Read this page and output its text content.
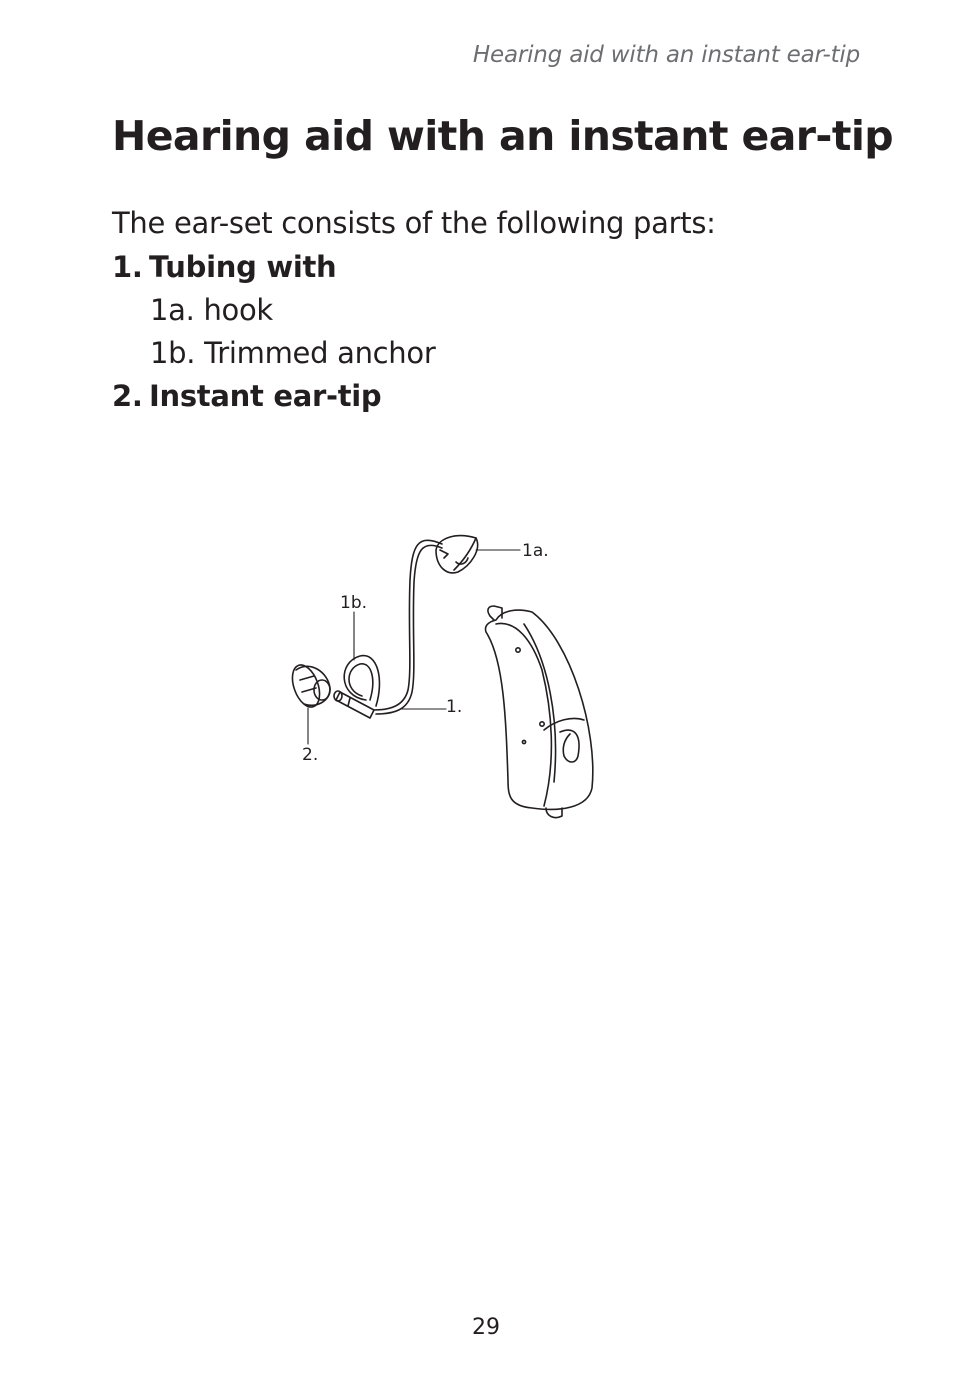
Hearing aid with an instant ear-tip
Hearing aid with an instant ear-tip
The ear-set consists of the following parts:
1. Tubing with
1a. hook
1b. Trimmed anchor
2. Instant ear-tip
1a.
1b.
1.
2.
29
